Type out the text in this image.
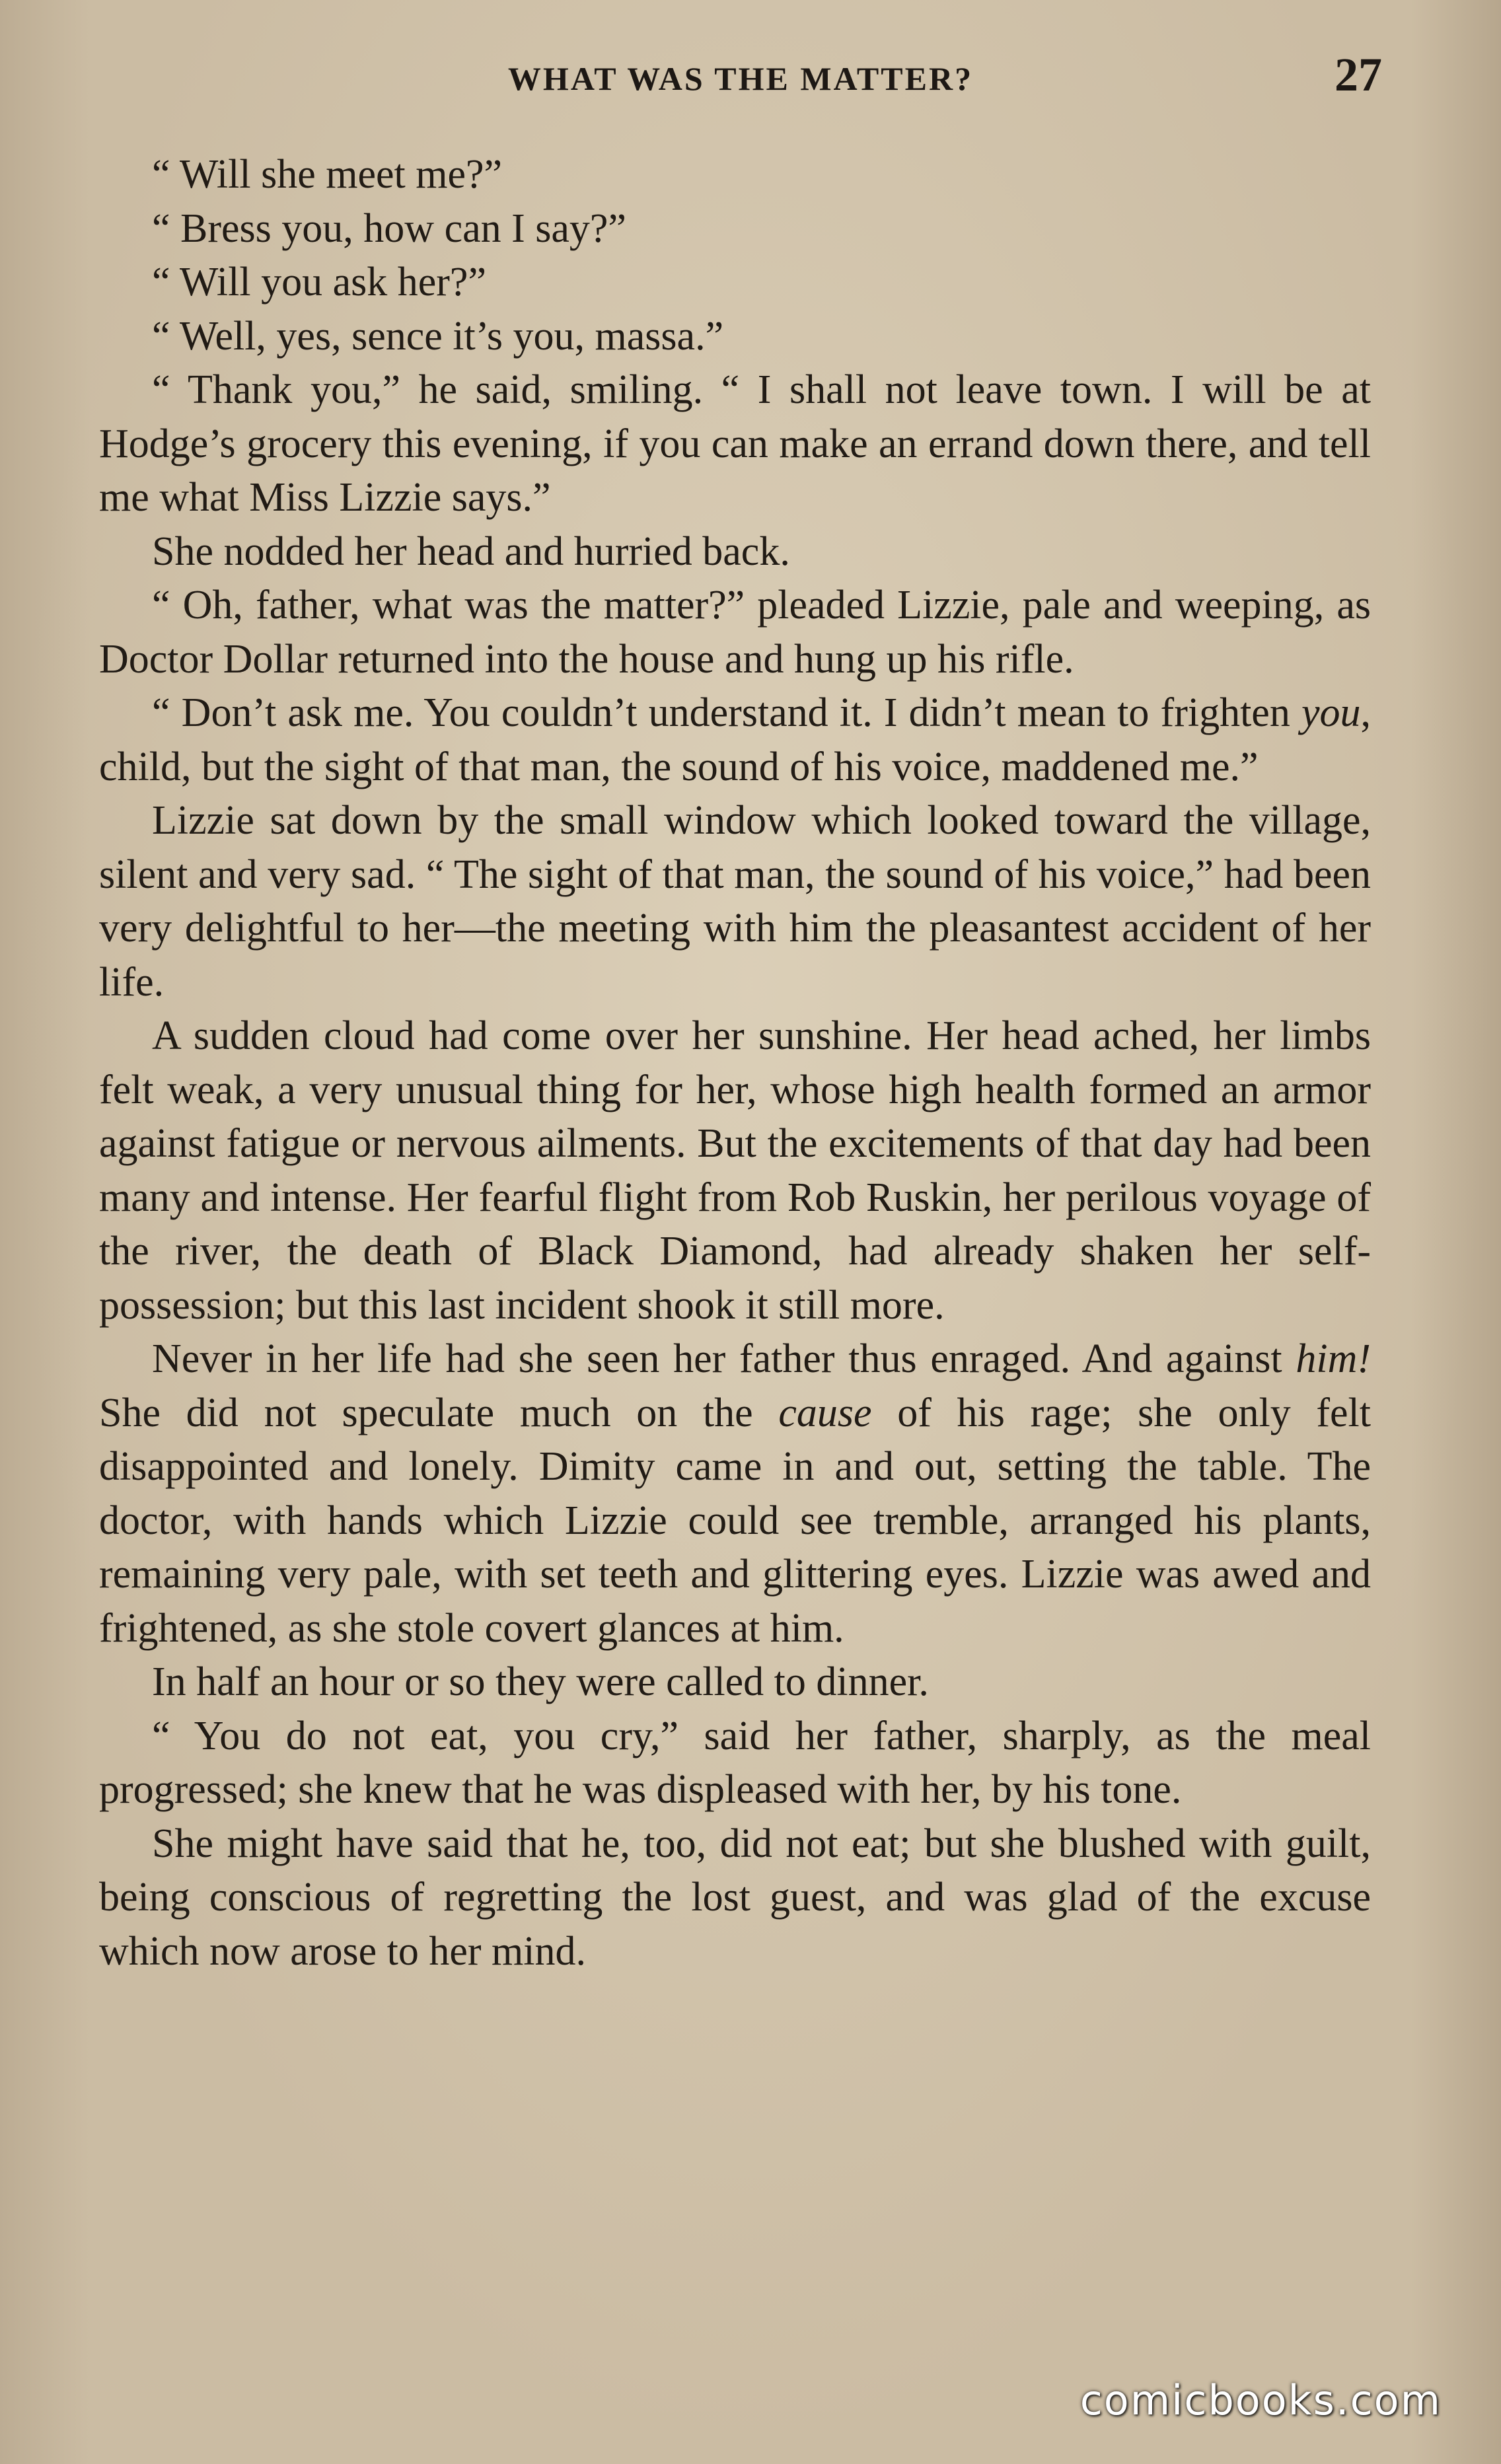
WHAT WAS THE MATTER?	27

“ Will she meet me?”

“ Bress you, how can I say?”

“ Will you ask her?”

“ Well, yes, sence it’s you, massa.”

“ Thank you,” he said, smiling. “ I shall not leave town. I will be at Hodge’s grocery this evening, if you can make an errand down there, and tell me what Miss Lizzie says.”

She nodded her head and hurried back.

“ Oh, father, what was the matter?” pleaded Lizzie, pale and weeping, as Doctor Dollar returned into the house and hung up his rifle.

“ Don’t ask me. You couldn’t understand it. I didn’t mean to frighten you, child, but the sight of that man, the sound of his voice, maddened me.”

Lizzie sat down by the small window which looked toward the village, silent and very sad. “ The sight of that man, the sound of his voice,” had been very delightful to her—the meeting with him the pleasantest accident of her life.

A sudden cloud had come over her sunshine. Her head ached, her limbs felt weak, a very unusual thing for her, whose high health formed an armor against fatigue or nervous ailments. But the excitements of that day had been many and intense. Her fearful flight from Rob Ruskin, her perilous voyage of the river, the death of Black Diamond, had already shaken her self-possession; but this last incident shook it still more.

Never in her life had she seen her father thus enraged. And against him! She did not speculate much on the cause of his rage; she only felt disappointed and lonely. Dimity came in and out, setting the table. The doctor, with hands which Lizzie could see tremble, arranged his plants, remaining very pale, with set teeth and glittering eyes. Lizzie was awed and frightened, as she stole covert glances at him.

In half an hour or so they were called to dinner.

“ You do not eat, you cry,” said her father, sharply, as the meal progressed; she knew that he was displeased with her, by his tone.

She might have said that he, too, did not eat; but she blushed with guilt, being conscious of regretting the lost guest, and was glad of the excuse which now arose to her mind.

comicbooks.com
